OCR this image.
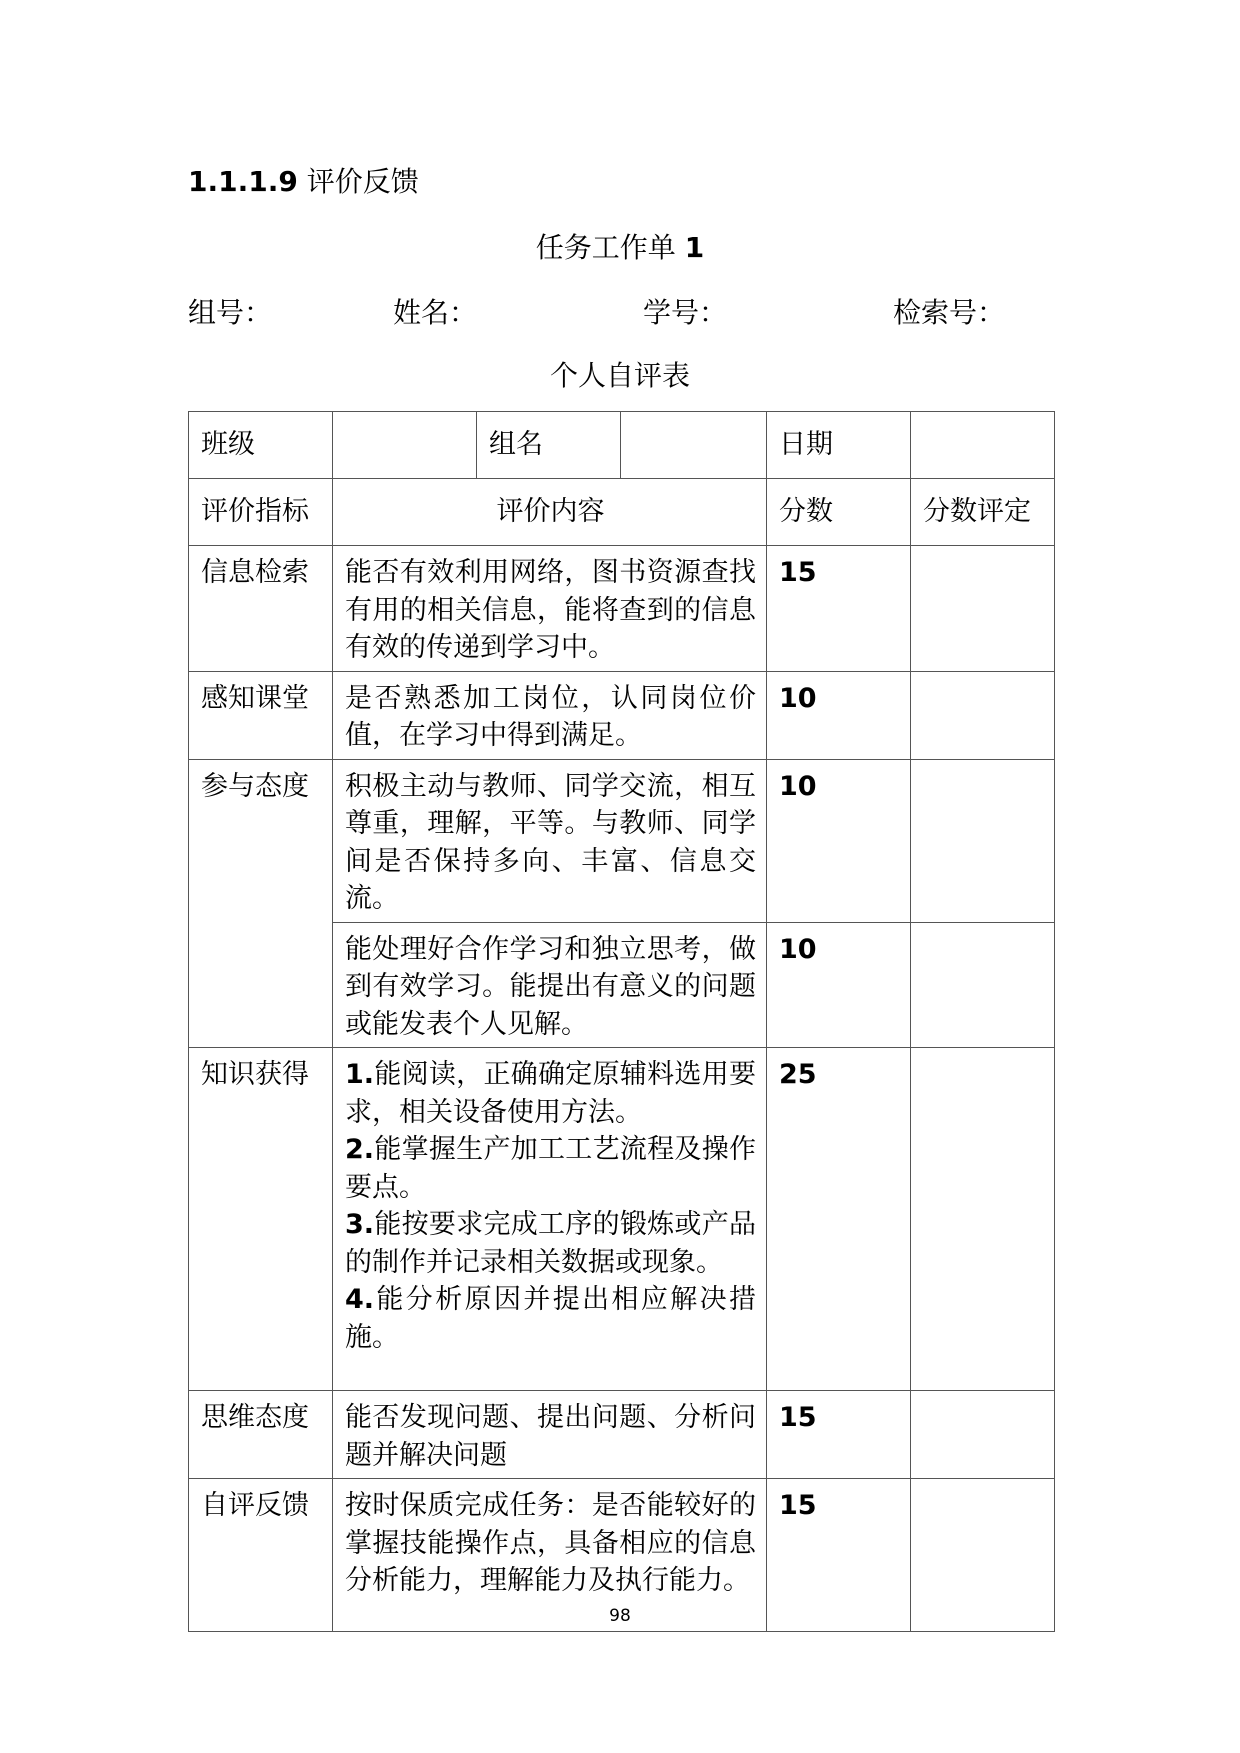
1.1.1.9 评价反馈
任务工作单 1
组号：	姓名：	学号：	检索号：
个人自评表
班级		组名		日期	
评价指标	评价内容			分数	分数评定
信息检索	能否有效利用网络，图书资源查找有用的相关信息，能将查到的信息有效的传递到学习中。			15	
感知课堂	是否熟悉加工岗位，认同岗位价值，在学习中得到满足。			10	
参与态度	积极主动与教师、同学交流，相互尊重，理解，平等。与教师、同学间是否保持多向、丰富、信息交流。			10	
	能处理好合作学习和独立思考，做到有效学习。能提出有意义的问题或能发表个人见解。			10	
知识获得	1.能阅读，正确确定原辅料选用要求，相关设备使用方法。
2.能掌握生产加工工艺流程及操作要点。
3.能按要求完成工序的锻炼或产品的制作并记录相关数据或现象。
4.能分析原因并提出相应解决措施。			25	
思维态度	能否发现问题、提出问题、分析问题并解决问题			15	
自评反馈	按时保质完成任务：是否能较好的掌握技能操作点，具备相应的信息分析能力，理解能力及执行能力。			15	
98
